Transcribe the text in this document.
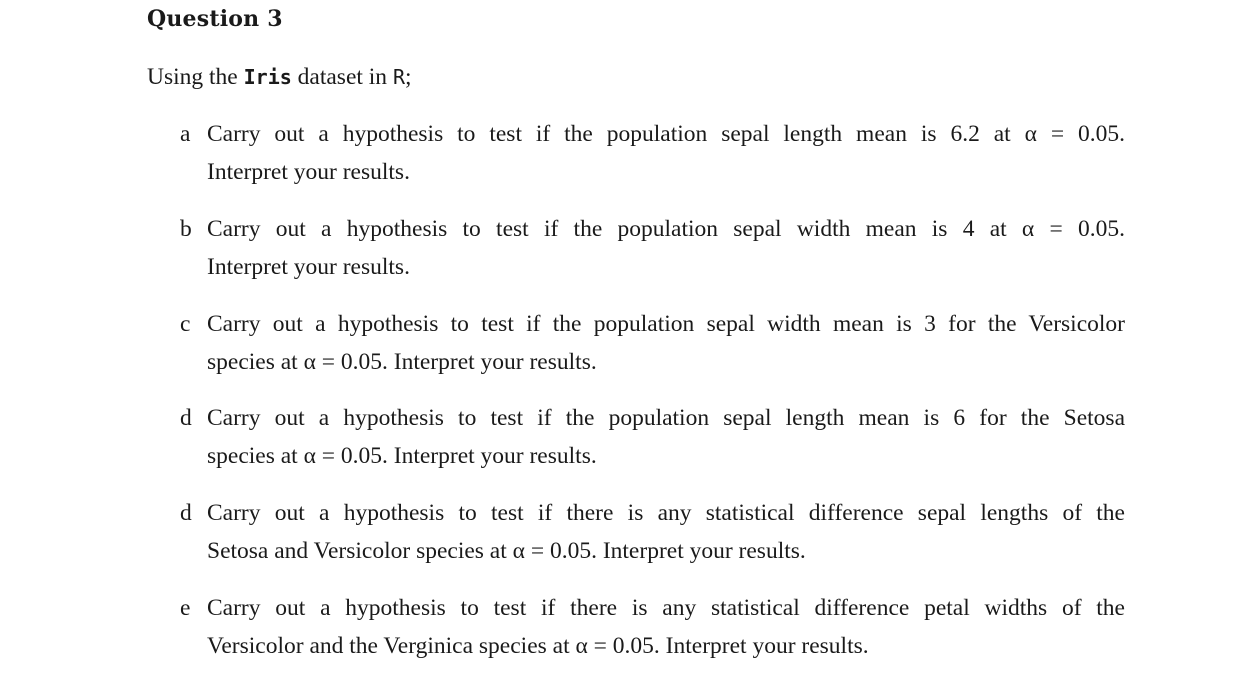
Question 3
Using the Iris dataset in R;
a Carry out a hypothesis to test if the population sepal length mean is 6.2 at α = 0.05.
Interpret your results.
b Carry out a hypothesis to test if the population sepal width mean is 4 at α = 0.05.
Interpret your results.
c Carry out a hypothesis to test if the population sepal width mean is 3 for the Versicolor
species at α = 0.05. Interpret your results.
d Carry out a hypothesis to test if the population sepal length mean is 6 for the Setosa
species at α = 0.05. Interpret your results.
d Carry out a hypothesis to test if there is any statistical difference sepal lengths of the
Setosa and Versicolor species at α = 0.05. Interpret your results.
e Carry out a hypothesis to test if there is any statistical difference petal widths of the
Versicolor and the Verginica species at α = 0.05. Interpret your results.
